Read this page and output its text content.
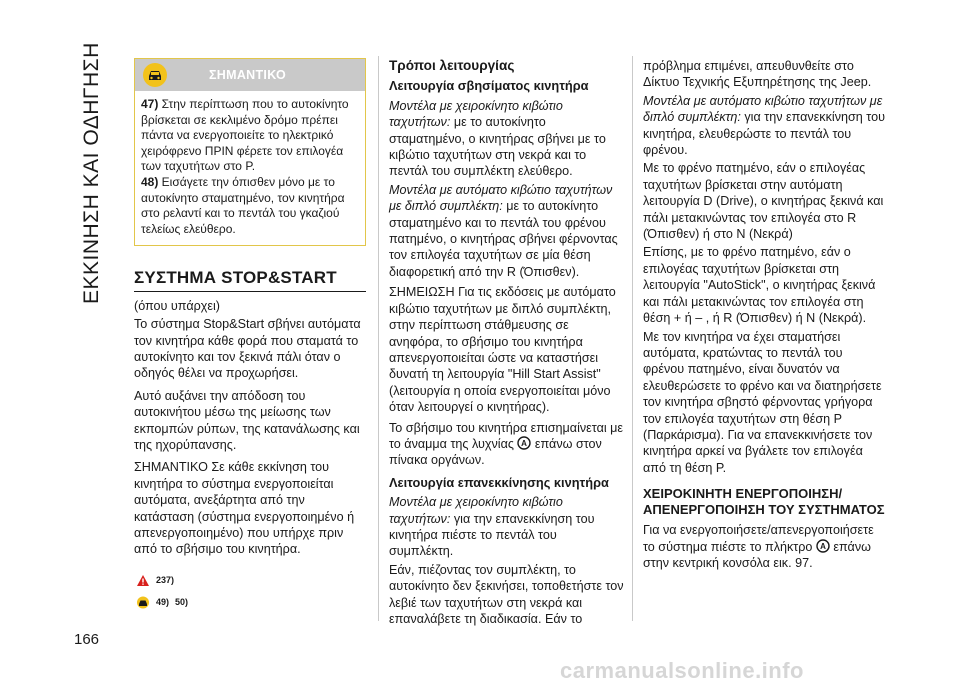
ΕΚΚΙΝΗΣΗ ΚΑΙ ΟΔΗΓΗΣΗ	ΣΗΜΑΝΤΙΚΟ

47) Στην περίπτωση που το αυτοκίνητο βρίσκεται σε κεκλιμένο δρόμο πρέπει πάντα να ενεργοποιείτε το ηλεκτρικό χειρόφρενο ΠΡΙΝ φέρετε τον επιλογέα των ταχυτήτων στο P.

48) Εισάγετε την όπισθεν μόνο με το αυτοκίνητο σταματημένο, τον κινητήρα στο ρελαντί και το πεντάλ του γκαζιού τελείως ελεύθερο.

ΣΥΣΤΗΜΑ STOP&START

(όπου υπάρχει)

Το σύστημα Stop&Start σβήνει αυτόματα τον κινητήρα κάθε φορά που σταματά το αυτοκίνητο και τον ξεκινά πάλι όταν ο οδηγός θέλει να προχωρήσει.

Αυτό αυξάνει την απόδοση του αυτοκινήτου μέσω της μείωσης των εκπομπών ρύπων, της κατανάλωσης και της ηχορύπανσης.

ΣΗΜΑΝΤΙΚΟ Σε κάθε εκκίνηση του κινητήρα το σύστημα ενεργοποιείται αυτόματα, ανεξάρτητα από την κατάσταση (σύστημα ενεργοποιημένο ή απενεργοποιημένο) που υπήρχε πριν από το σβήσιμο του κινητήρα.

237)
49) 50)
Τρόποι λειτουργίας
Λειτουργία σβησίματος κινητήρα

Μοντέλα με χειροκίνητο κιβώτιο ταχυτήτων: με το αυτοκίνητο σταματημένο, ο κινητήρας σβήνει με το κιβώτιο ταχυτήτων στη νεκρά και το πεντάλ του συμπλέκτη ελεύθερο.

Μοντέλα με αυτόματο κιβώτιο ταχυτήτων με διπλό συμπλέκτη: με το αυτοκίνητο σταματημένο και το πεντάλ του φρένου πατημένο, ο κινητήρας σβήνει φέρνοντας τον επιλογέα ταχυτήτων σε μία θέση διαφορετική από την R (Όπισθεν).

ΣΗΜΕΙΩΣΗ Για τις εκδόσεις με αυτόματο κιβώτιο ταχυτήτων με διπλό συμπλέκτη, στην περίπτωση στάθμευσης σε ανηφόρα, το σβήσιμο του κινητήρα απενεργοποιείται ώστε να καταστήσει δυνατή τη λειτουργία "Hill Start Assist" (λειτουργία η οποία ενεργοποιείται μόνο όταν λειτουργεί ο κινητήρας).

Το σβήσιμο του κινητήρα επισημαίνεται με το άναμμα της λυχνίας A επάνω στον πίνακα οργάνων.

Λειτουργία επανεκκίνησης κινητήρα

Μοντέλα με χειροκίνητο κιβώτιο ταχυτήτων: για την επανεκκίνηση του κινητήρα πιέστε το πεντάλ του συμπλέκτη.

Εάν, πιέζοντας τον συμπλέκτη, το αυτοκίνητο δεν ξεκινήσει, τοποθετήστε τον λεβιέ των ταχυτήτων στη νεκρά και επαναλάβετε τη διαδικασία. Εάν το

πρόβλημα επιμένει, απευθυνθείτε στο Δίκτυο Τεχνικής Εξυπηρέτησης της Jeep.

Μοντέλα με αυτόματο κιβώτιο ταχυτήτων με διπλό συμπλέκτη: για την επανεκκίνηση του κινητήρα, ελευθερώστε το πεντάλ του φρένου.

Με το φρένο πατημένο, εάν ο επιλογέας ταχυτήτων βρίσκεται στην αυτόματη λειτουργία D (Drive), ο κινητήρας ξεκινά και πάλι μετακινώντας τον επιλογέα στο R (Όπισθεν) ή στο N (Νεκρά)

Επίσης, με το φρένο πατημένο, εάν ο επιλογέας ταχυτήτων βρίσκεται στη λειτουργία "AutoStick", ο κινητήρας ξεκινά και πάλι μετακινώντας τον επιλογέα στη θέση + ή – , ή R (Όπισθεν) ή N (Νεκρά).

Με τον κινητήρα να έχει σταματήσει αυτόματα, κρατώντας το πεντάλ του φρένου πατημένο, είναι δυνατόν να ελευθερώσετε το φρένο και να διατηρήσετε τον κινητήρα σβηστό φέρνοντας γρήγορα τον επιλογέα ταχυτήτων στη θέση P (Παρκάρισμα). Για να επανεκκινήσετε τον κινητήρα αρκεί να βγάλετε τον επιλογέα από τη θέση P.

ΧΕΙΡΟΚΙΝΗΤΗ ΕΝΕΡΓΟΠΟΙΗΣΗ/ΑΠΕΝΕΡΓΟΠΟΙΗΣΗ ΤΟΥ ΣΥΣΤΗΜΑΤΟΣ

Για να ενεργοποιήσετε/απενεργοποιήσετε το σύστημα πιέστε το πλήκτρο A επάνω στην κεντρική κονσόλα εικ. 97.

166
carmanualsonline.info
